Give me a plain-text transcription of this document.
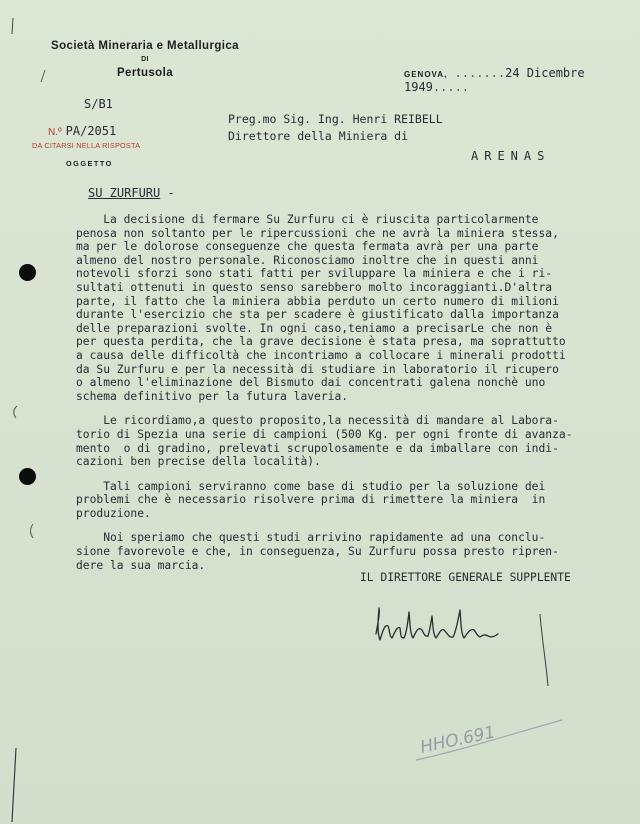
Società Mineraria e Metallurgica
DI
Pertusola
S/B1
N.º PA/2051
DA CITARSI NELLA RISPOSTA
OGGETTO
GENOVA, .......24 Dicembre 1949.....
Preg.mo Sig. Ing. Henri REIBELL
Direttore della Miniera di
ARENAS
SU ZURFURU -
La decisione di fermare Su Zurfuru ci è riuscita particolarmente
penosa non soltanto per le ripercussioni che ne avrà la miniera stessa,
ma per le dolorose conseguenze che questa fermata avrà per una parte
almeno del nostro personale. Riconosciamo inoltre che in questi anni
notevoli sforzi sono stati fatti per sviluppare la miniera e che i ri-
sultati ottenuti in questo senso sarebbero molto incoraggianti.D'altra
parte, il fatto che la miniera abbia perduto un certo numero di milioni
durante l'esercizio che sta per scadere è giustificato dalla importanza
delle preparazioni svolte. In ogni caso,teniamo a precisarLe che non è
per questa perdita, che la grave decisione è stata presa, ma soprattutto
a causa delle difficoltà che incontriamo a collocare i minerali prodotti
da Su Zurfuru e per la necessità di studiare in laboratorio il ricupero
o almeno l'eliminazione del Bismuto dai concentrati galena nonchè uno
schema definitivo per la futura laveria.
Le ricordiamo,a questo proposito,la necessità di mandare al Labora-
torio di Spezia una serie di campioni (500 Kg. per ogni fronte di avanza-
mento  o di gradino, prelevati scrupolosamente e da imballare con indi-
cazioni ben precise della località).
Tali campioni serviranno come base di studio per la soluzione dei
problemi che è necessario risolvere prima di rimettere la miniera  in
produzione.
Noi speriamo che questi studi arrivino rapidamente ad una conclu-
sione favorevole e che, in conseguenza, Su Zurfuru possa presto ripren-
dere la sua marcia.
IL DIRETTORE GENERALE SUPPLENTE
HHO.691
